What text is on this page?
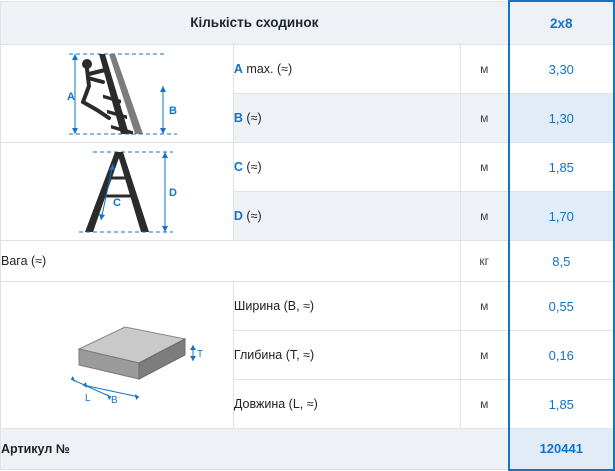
Кількість сходинок			2x8

A
B	A max. (≈)	м	3,30
	B (≈)	м	1,30

C
D	C (≈)	м	1,85
	D (≈)	м	1,70
Вага (≈)		кг	8,5

T
B
L	Ширина (B, ≈)	м	0,55
	Глибина (T, ≈)	м	0,16
	Довжина (L, ≈)	м	1,85
Артикул №			120441
